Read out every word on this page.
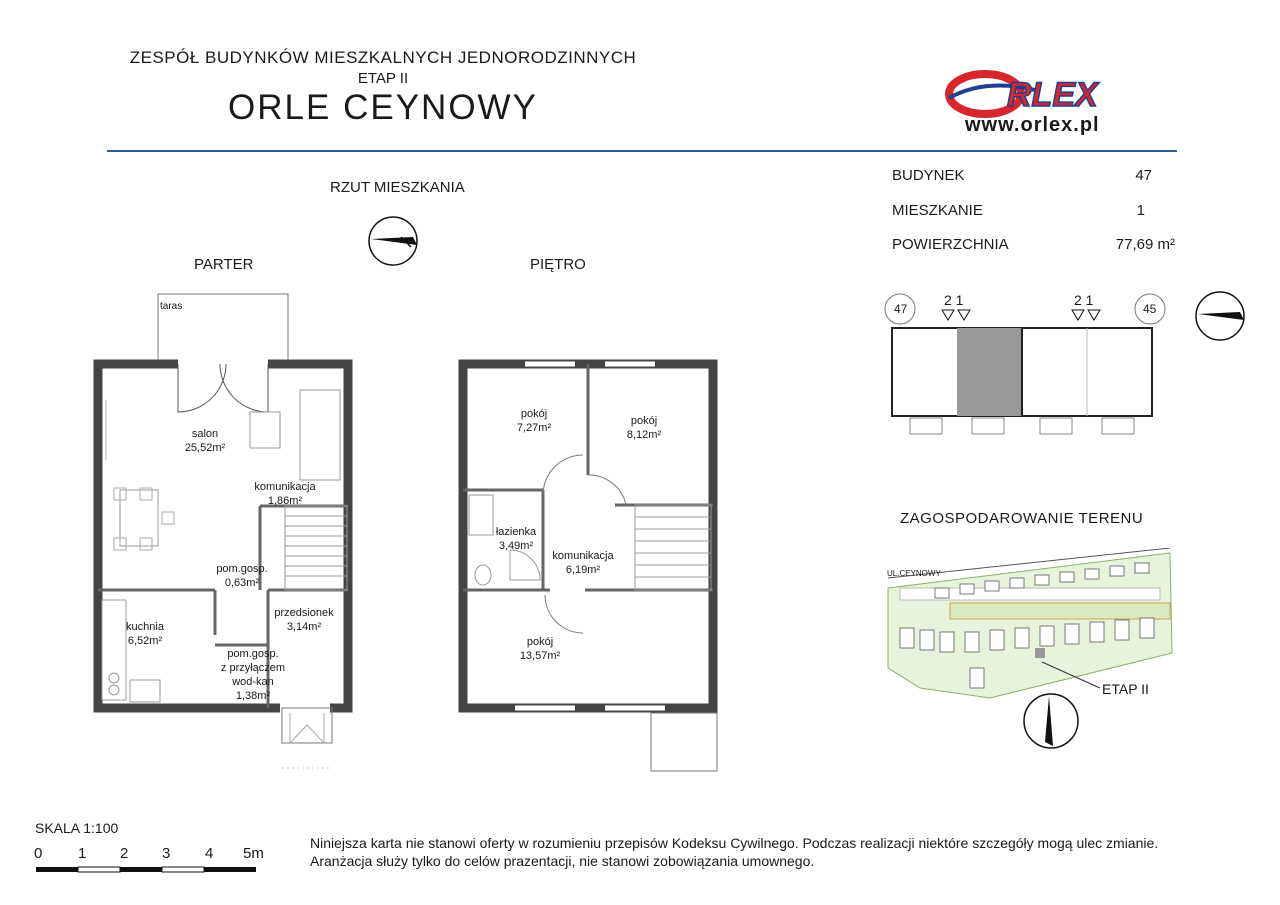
ZESPÓŁ BUDYNKÓW MIESZKALNYCH JEDNORODZINNYCH
ETAP II
ORLE CEYNOWY	RLEX
www.orlex.pl
RZUT MIESZKANIA
PARTER	PIĘTRO
taras
salon
25,52m²
komunikacja
1,86m²
pom.gosp.
0,63m²
kuchnia
6,52m²
przedsionek
3,14m²
pom.gosp.
z przyłączem
wod-kan
1,38m²
pokój
7,27m²
pokój
8,12m²
łazienka
3,49m²
komunikacja
6,19m²
pokój
13,57m²
BUDYNEK	47
MIESZKANIE	1
POWIERZCHNIA	77,69 m²
47	45
2 1	2 1
ZAGOSPODAROWANIE TERENU
UL.CEYNOWY
ETAP II
SKALA 1:100
0 1 2 3 4 5m
Niniejsza karta nie stanowi oferty w rozumieniu przepisów Kodeksu Cywilnego. Podczas realizacji niektóre szczegóły mogą ulec zmianie.
Aranżacja służy tylko do celów prazentacji, nie stanowi zobowiązania umownego.
